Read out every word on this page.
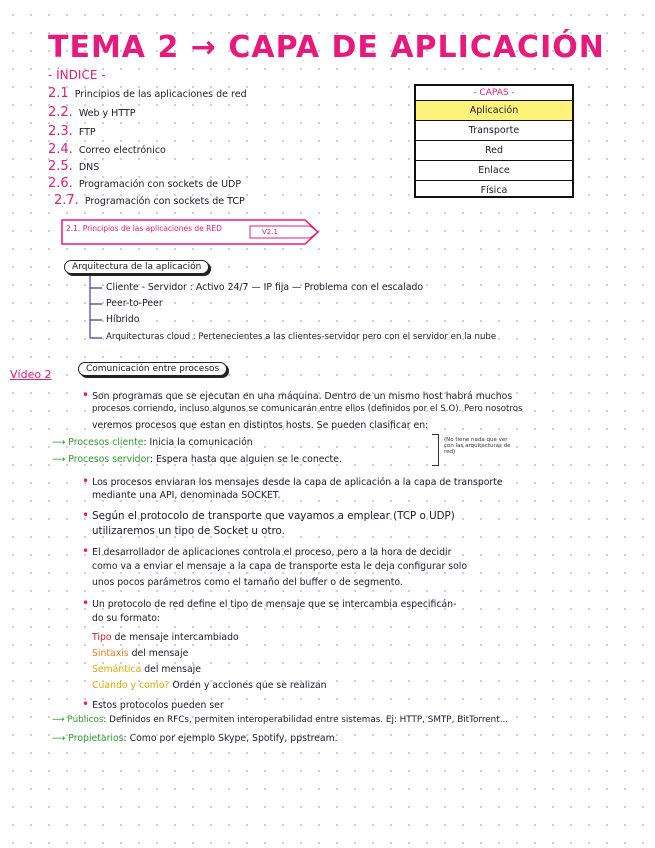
TEMA 2 → CAPA DE APLICACIÓN
- ÍNDICE -
2.1 Principios de las aplicaciones de red
2.2. Web y HTTP
2.3. FTP
2.4. Correo electrónico
2.5. DNS
2.6. Programación con sockets de UDP
2.7. Programación con sockets de TCP
- CAPAS -
Aplicación
Transporte
Red
Enlace
Física
2.1. Principios de las aplicaciones de RED	V2.1
Arquitectura de la aplicación
Cliente - Servidor : Activo 24/7 — IP fija — Problema con el escalado
Peer-to-Peer
Híbrido
Arquitecturas cloud : Pertenecientes a las clientes-servidor pero con el servidor en la nube
Vídeo 2	Comunicación entre procesos
• Son programas que se ejecutan en una máquina. Dentro de un mismo host habrá muchos
procesos corriendo, incluso algunos se comunicarán entre ellos (definidos por el S.O). Pero nosotros
veremos procesos que estan en distintos hosts. Se pueden clasificar en:
⟶ Procesos cliente: Inicia la comunicación
⟶ Procesos servidor: Espera hasta que alguien se le conecte.
(No tiene nada que ver con las arquitecturas de red)
• Los procesos enviaran los mensajes desde la capa de aplicación a la capa de transporte
mediante una API, denominada SOCKET.
• Según el protocolo de transporte que vayamos a emplear (TCP o UDP)
utilizaremos un tipo de Socket u otro.
• El desarrollador de aplicaciones controla el proceso, pero a la hora de decidir
como va a enviar el mensaje a la capa de transporte esta le deja configurar solo
unos pocos parámetros como el tamaño del buffer o de segmento.
• Un protocolo de red define el tipo de mensaje que se intercambia especificán-
do su formato:
Tipo de mensaje intercambiado
Sintaxis del mensaje
Semántica del mensaje
Cuando y como? Orden y acciones que se realizan
• Estos protocolos pueden ser
⟶ Públicos: Definidos en RFCs, permiten interoperabilidad entre sistemas. Ej: HTTP, SMTP, BitTorrent...
⟶ Propietarios: Como por ejemplo Skype, Spotify, ppstream.
